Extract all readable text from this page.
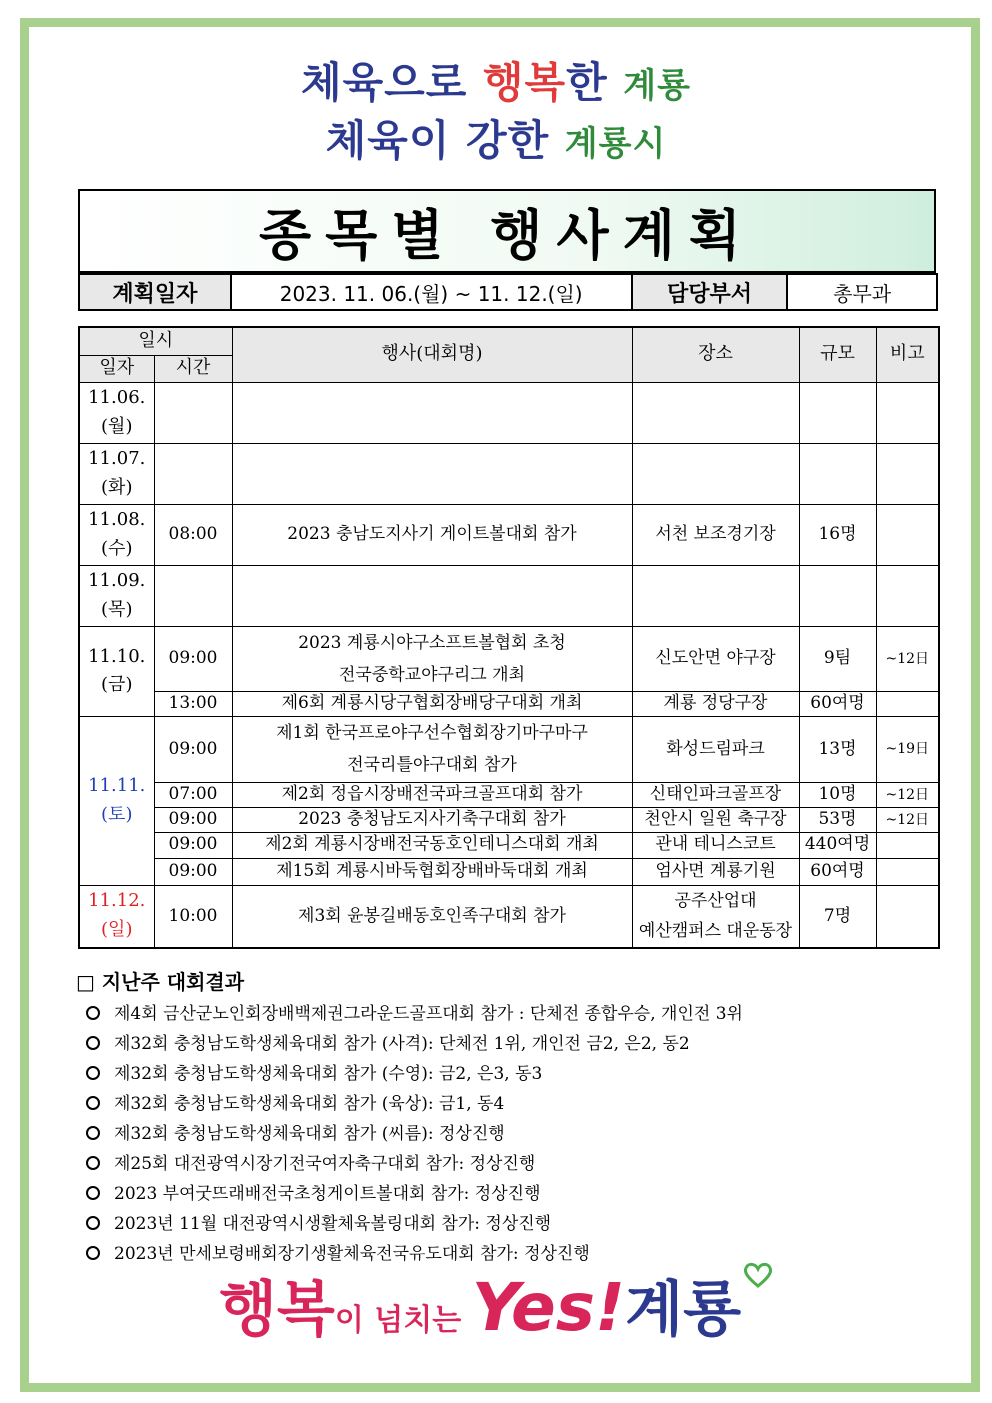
체육으로 행복한 계룡
체육이 강한 계룡시
종목별 행사계획
계획일자	2023. 11. 06.(월) ~ 11. 12.(일)	담당부서	총무과
일시		행사(대회명)	장소	규모	비고
일자	시간				
11.06.
(월)					
11.07.
(화)					
11.08.
(수)	08:00	2023 충남도지사기 게이트볼대회 참가	서천 보조경기장	16명	
11.09.
(목)					
11.10.
(금)	09:00	2023 계룡시야구소프트볼협회 초청
전국중학교야구리그 개최	신도안면 야구장	9팀	~12日
	13:00	제6회 계룡시당구협회장배당구대회 개최	계룡 정당구장	60여명	
11.11.
(토)	09:00	제1회 한국프로야구선수협회장기마구마구
전국리틀야구대회 참가	화성드림파크	13명	~19日
	07:00	제2회 정읍시장배전국파크골프대회 참가	신태인파크골프장	10명	~12日
	09:00	2023 충청남도지사기축구대회 참가	천안시 일원 축구장	53명	~12日
	09:00	제2회 계룡시장배전국동호인테니스대회 개최	관내 테니스코트	440여명	
	09:00	제15회 계룡시바둑협회장배바둑대회 개최	엄사면 계룡기원	60여명	
11.12.
(일)	10:00	제3회 윤봉길배동호인족구대회 참가	공주산업대
예산캠퍼스 대운동장	7명	
□ 지난주 대회결과
제4회 금산군노인회장배백제권그라운드골프대회 참가 : 단체전 종합우승, 개인전 3위
제32회 충청남도학생체육대회 참가 (사격): 단체전 1위, 개인전 금2, 은2, 동2
제32회 충청남도학생체육대회 참가 (수영): 금2, 은3, 동3
제32회 충청남도학생체육대회 참가 (육상): 금1, 동4
제32회 충청남도학생체육대회 참가 (씨름): 정상진행
제25회 대전광역시장기전국여자축구대회 참가: 정상진행
2023 부여굿뜨래배전국초청게이트볼대회 참가: 정상진행
2023년 11월 대전광역시생활체육볼링대회 참가: 정상진행
2023년 만세보령배회장기생활체육전국유도대회 참가: 정상진행
행복이 넘치는 Yes!계룡
